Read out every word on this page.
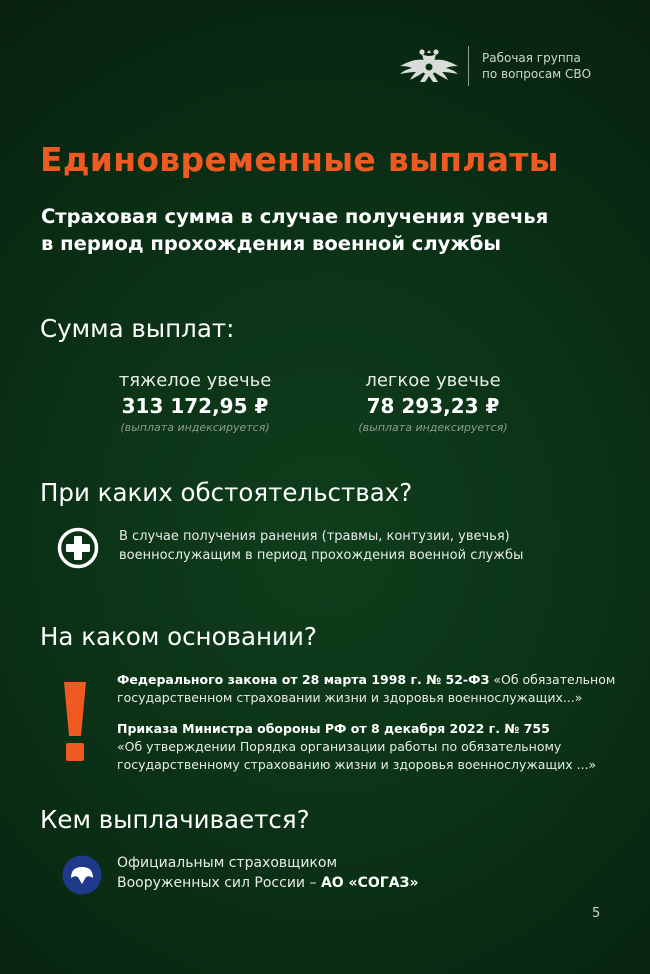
Рабочая группа
по вопросам СВО
Единовременные выплаты
Страховая сумма в случае получения увечья
в период прохождения военной службы
Сумма выплат:
тяжелое увечье
313 172,95 ₽
(выплата индексируется)
легкое увечье
78 293,23 ₽
(выплата индексируется)
При каких обстоятельствах?
В случае получения ранения (травмы, контузии, увечья)
военнослужащим в период прохождения военной службы
На каком основании?
Федерального закона от 28 марта 1998 г. № 52-ФЗ «Об обязательном
государственном страховании жизни и здоровья военнослужащих...»
Приказа Министра обороны РФ от 8 декабря 2022 г. № 755
«Об утверждении Порядка организации работы по обязательному
государственному страхованию жизни и здоровья военнослужащих ...»
Кем выплачивается?
Официальным страховщиком
Вооруженных сил России – АО «СОГАЗ»
5
